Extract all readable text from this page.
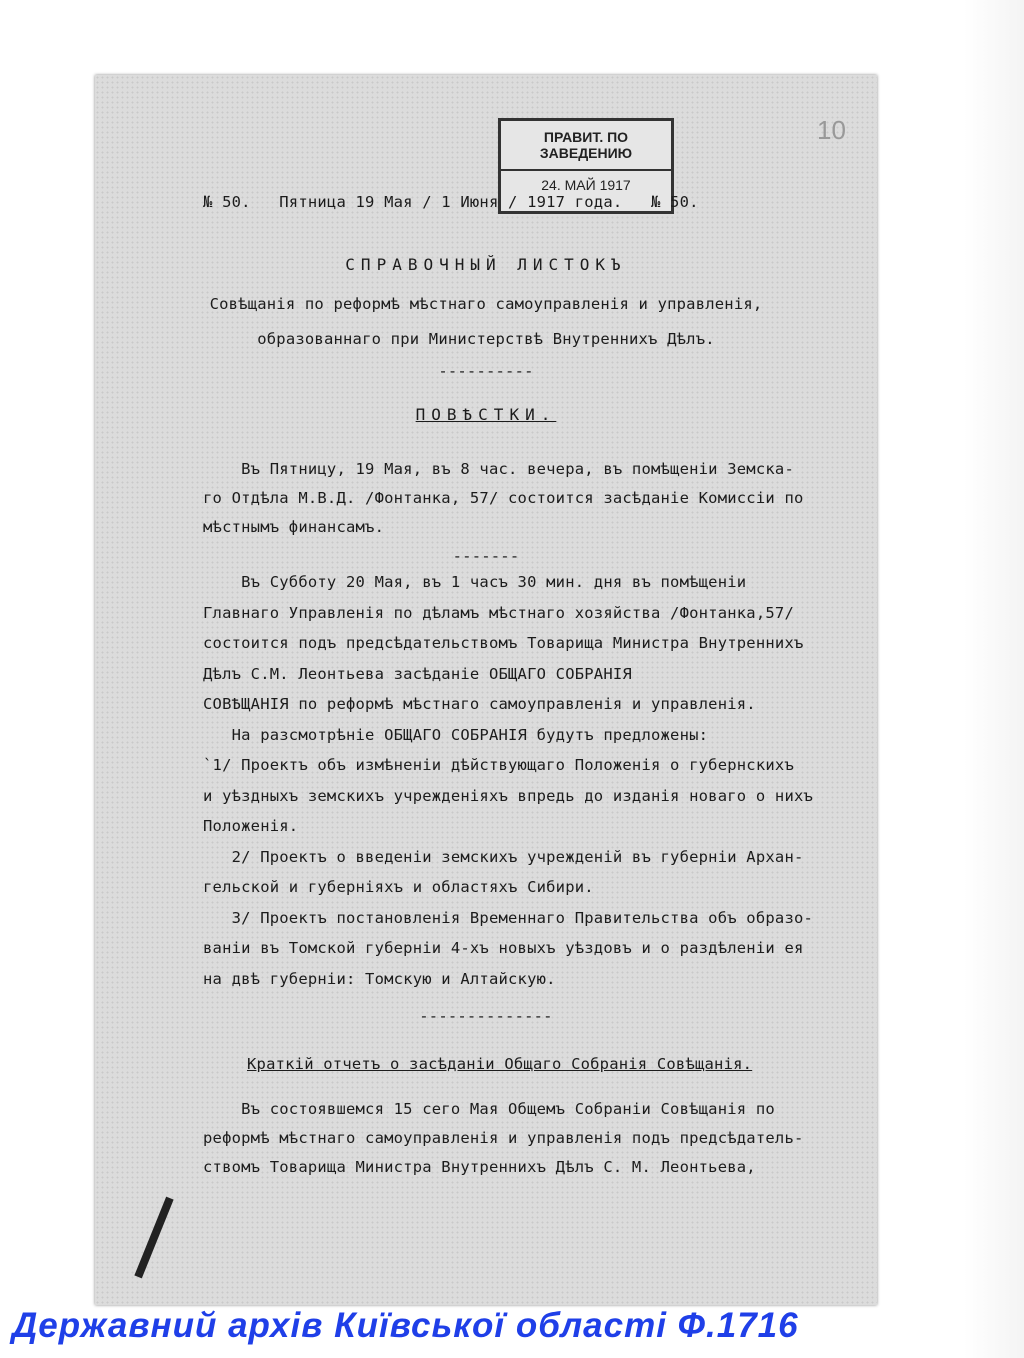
ПРАВИТ. ПО ЗАВЕДЕНИЮ
24. МАЙ 1917
10
№ 50.   Пятница 19 Мая / 1 Июня / 1917 года.   № 50.
СПРАВОЧНЫЙ ЛИСТОКЪ
Совѣщанія по реформѣ мѣстнаго самоуправленія и управленія,
образованнаго при Министерствѣ Внутреннихъ Дѣлъ.
----------
ПОВѢСТКИ.
Въ Пятницу, 19 Мая, въ 8 час. вечера, въ помѣщеніи Земска-
го Отдѣла М.В.Д. /Фонтанка, 57/ состоится засѣданіе Комиссіи по
мѣстнымъ финансамъ.
-------
Въ Субботу 20 Мая, въ 1 часъ 30 мин. дня въ помѣщеніи
Главнаго Управленія по дѣламъ мѣстнаго хозяйства /Фонтанка,57/
состоится подъ предсѣдательствомъ Товарища Министра Внутреннихъ
Дѣлъ С.М. Леонтьева засѣданіе ОБЩАГО СОБРАНІЯ
СОВѢЩАНІЯ по реформѣ мѣстнаго самоуправленія и управленія.
На разсмотрѣніе ОБЩАГО СОБРАНІЯ будутъ предложены:
`1/ Проектъ объ измѣненіи дѣйствующаго Положенія о губернскихъ
и уѣздныхъ земскихъ учрежденіяхъ впредь до изданія новаго о нихъ
Положенія.
2/ Проектъ о введеніи земскихъ учрежденій въ губерніи Архан-
гельской и губерніяхъ и областяхъ Сибири.
3/ Проектъ постановленія Временнаго Правительства объ образо-
ваніи въ Томской губерніи 4-хъ новыхъ уѣздовъ и о раздѣленіи ея
на двѣ губерніи: Томскую и Алтайскую.
--------------
Краткій отчетъ о засѣданіи Общаго Собранія Совѣщанія.
Въ состоявшемся 15 сего Мая Общемъ Собраніи Совѣщанія по
реформѣ мѣстнаго самоуправленія и управленія подъ предсѣдатель-
ствомъ Товарища Министра Внутреннихъ Дѣлъ С. М. Леонтьева,
Державний архів Київської області Ф.1716
